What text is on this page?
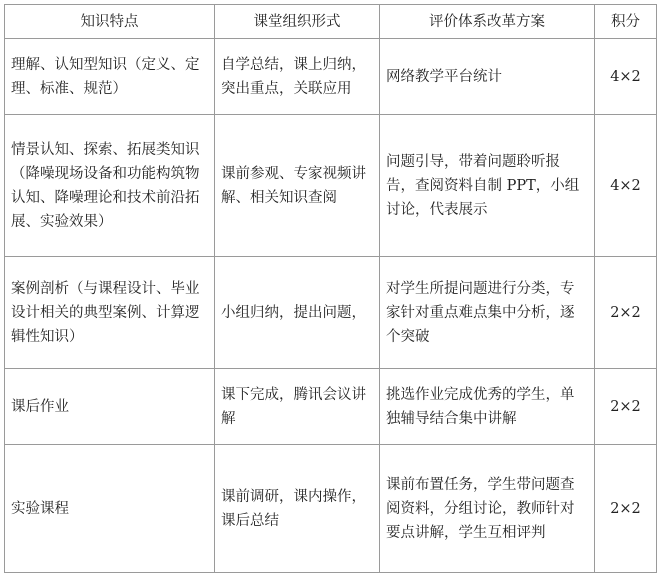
知识特点	课堂组织形式	评价体系改革方案	积分
理解、认知型知识（定义、定理、标准、规范）	自学总结，课上归纳，突出重点，关联应用	网络教学平台统计	4×2
情景认知、探索、拓展类知识（降噪现场设备和功能构筑物认知、降噪理论和技术前沿拓展、实验效果）	课前参观、专家视频讲解、相关知识查阅	问题引导，带着问题聆听报告，查阅资料自制 PPT，小组讨论，代表展示	4×2
案例剖析（与课程设计、毕业设计相关的典型案例、计算逻辑性知识）	小组归纳，提出问题，	对学生所提问题进行分类，专家针对重点难点集中分析，逐个突破	2×2
课后作业	课下完成，腾讯会议讲解	挑选作业完成优秀的学生，单独辅导结合集中讲解	2×2
实验课程	课前调研，课内操作，课后总结	课前布置任务，学生带问题查阅资料，分组讨论，教师针对要点讲解，学生互相评判	2×2
